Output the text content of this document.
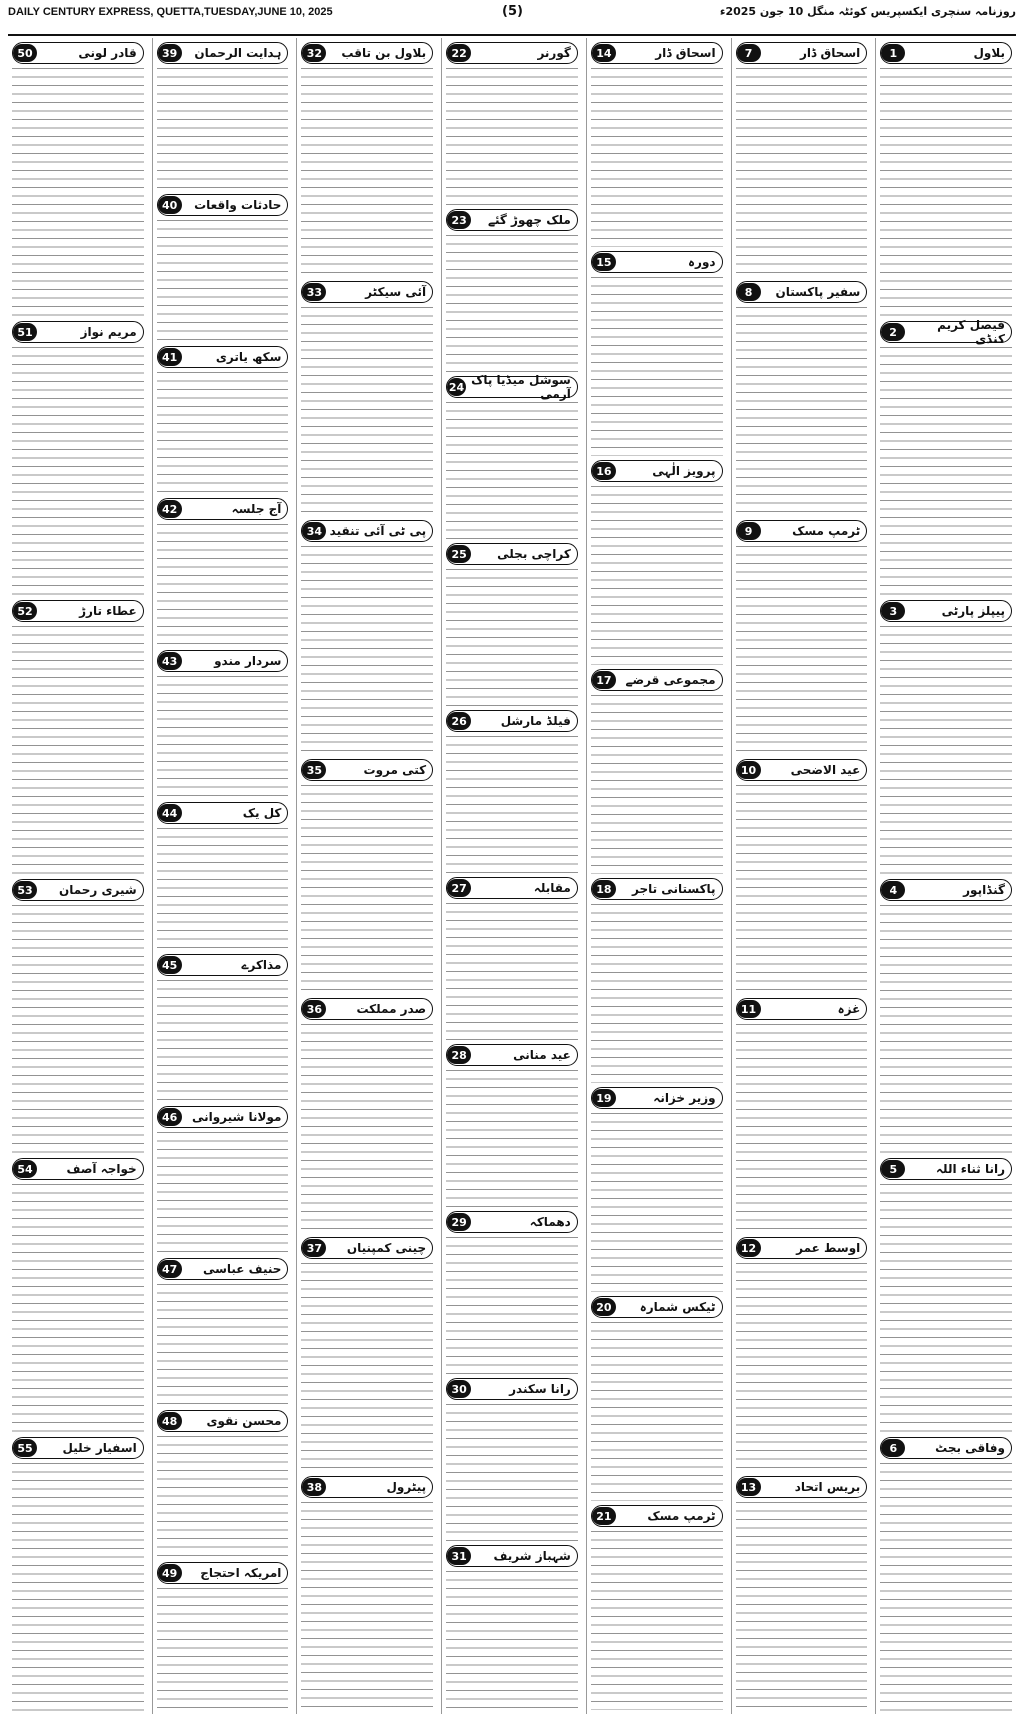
DAILY CENTURY EXPRESS, QUETTA,TUESDAY,JUNE 10, 2025	(5)	روزنامہ سنچری ایکسپریس کوئٹہ منگل 10 جون 2025ء
بلاول
1
فیصل کریم کنڈی
2
پیپلز پارٹی
3
گنڈاپور
4
رانا ثناء اللہ
5
وفاقی بجٹ
6
اسحاق ڈار
7
سفیر پاکستان
8
ٹرمپ مسک
9
عید الاضحی
10
غزہ
11
اوسط عمر
12
بریس اتحاد
13
اسحاق ڈار
14
دورہ
15
پرویز الٰہی
16
مجموعی قرضے
17
پاکستانی تاجر
18
وزیر خزانہ
19
ٹیکس شمارہ
20
ٹرمپ مسک
21
گورنر
22
ملک چھوڑ گئے
23
سوشل میڈیا پاک آرمی
24
کراچی بجلی
25
فیلڈ مارشل
26
مقابلہ
27
عید منانی
28
دھماکہ
29
رانا سکندر
30
شہباز شریف
31
بلاول بن تاقب
32
آئی سیکٹر
33
پی ٹی آئی تنقید
34
کتی مروت
35
صدر مملکت
36
چینی کمپنیاں
37
پیٹرول
38
ہدایت الرحمان
39
حادثات واقعات
40
سکھ یاتری
41
آج جلسہ
42
سردار مندو
43
کل یک
44
مذاکرے
45
مولانا شیروانی
46
حنیف عباسی
47
محسن نقوی
48
امریکہ احتجاج
49
قادر لونی
50
مریم نواز
51
عطاء تارڑ
52
شیری رحمان
53
خواجہ آصف
54
اسفیار خلیل
55
